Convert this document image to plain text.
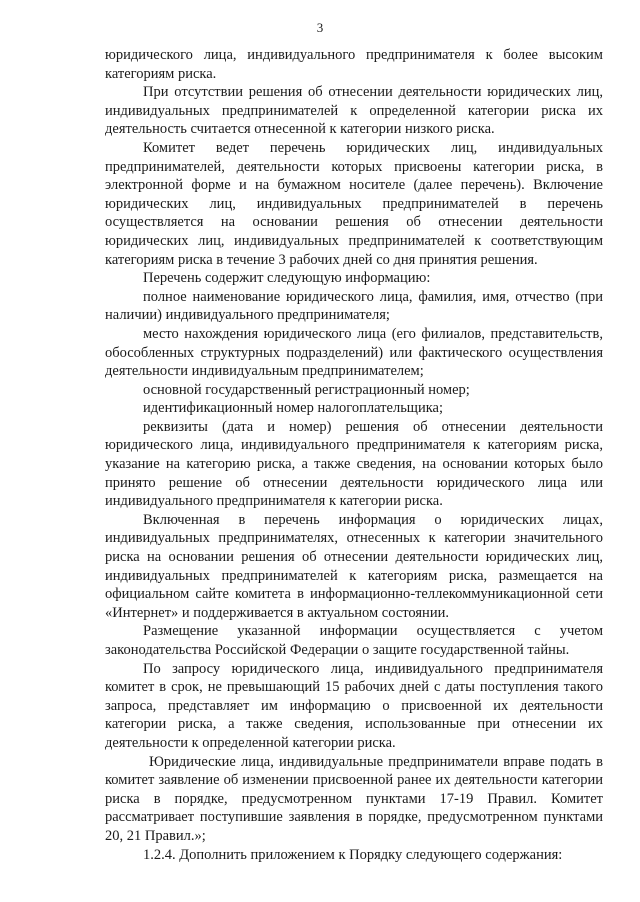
3

юридического лица, индивидуального предпринимателя к более высоким категориям риска.

При отсутствии решения об отнесении деятельности юридических лиц, индивидуальных предпринимателей к определенной категории риска их деятельность считается отнесенной к категории низкого риска.

Комитет ведет перечень юридических лиц, индивидуальных предпринимателей, деятельности которых присвоены категории риска, в электронной форме и на бумажном носителе (далее перечень). Включение юридических лиц, индивидуальных предпринимателей в перечень осуществляется на основании решения об отнесении деятельности юридических лиц, индивидуальных предпринимателей к соответствующим категориям риска в течение 3 рабочих дней со дня принятия решения.

Перечень содержит следующую информацию:

полное наименование юридического лица, фамилия, имя, отчество (при наличии) индивидуального предпринимателя;

место нахождения юридического лица (его филиалов, представительств, обособленных структурных подразделений) или фактического осуществления деятельности индивидуальным предпринимателем;

основной государственный регистрационный номер;

идентификационный номер налогоплательщика;

реквизиты (дата и номер) решения об отнесении деятельности юридического лица, индивидуального предпринимателя к категориям риска, указание на категорию риска, а также сведения, на основании которых было принято решение об отнесении деятельности юридического лица или индивидуального предпринимателя к категории риска.

Включенная в перечень информация о юридических лицах, индивидуальных предпринимателях, отнесенных к категории значительного риска на основании решения об отнесении деятельности юридических лиц, индивидуальных предпринимателей к категориям риска, размещается на официальном сайте комитета в информационно-теллекоммуникационной сети «Интернет» и поддерживается в актуальном состоянии.

Размещение указанной информации осуществляется с учетом законодательства Российской Федерации о защите государственной тайны.

По запросу юридического лица, индивидуального предпринимателя комитет в срок, не превышающий 15 рабочих дней с даты поступления такого запроса, представляет им информацию о присвоенной их деятельности категории риска, а также сведения, использованные при отнесении их деятельности к определенной категории риска.

Юридические лица, индивидуальные предприниматели вправе подать в комитет заявление об изменении присвоенной ранее их деятельности категории риска в порядке, предусмотренном пунктами 17-19 Правил. Комитет рассматривает поступившие заявления в порядке, предусмотренном пунктами 20, 21 Правил.»;

1.2.4. Дополнить приложением к Порядку следующего содержания:
